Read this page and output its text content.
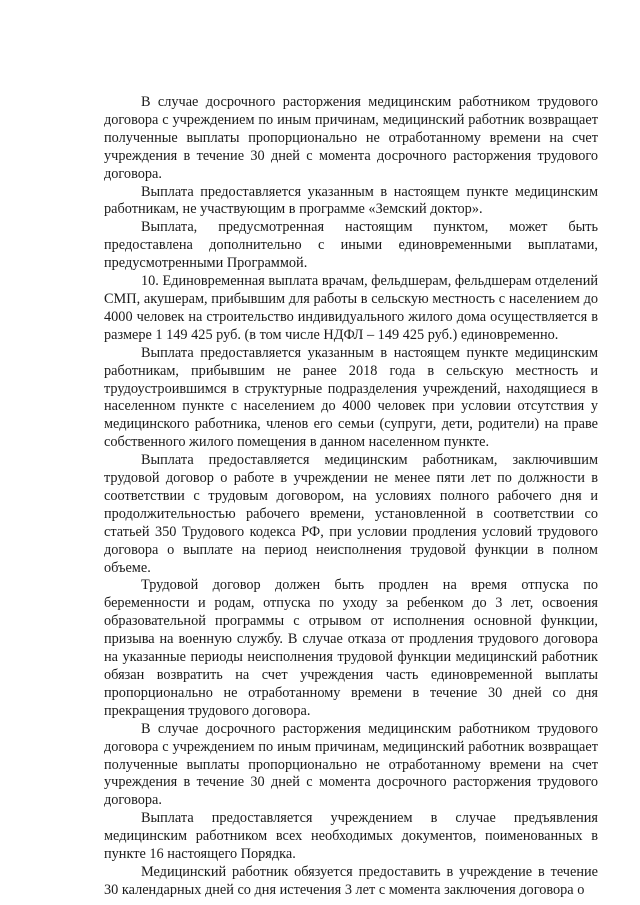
В случае досрочного расторжения медицинским работником трудового договора с учреждением по иным причинам, медицинский работник возвращает полученные выплаты пропорционально не отработанному времени на счет учреждения в течение 30 дней с момента досрочного расторжения трудового договора.

Выплата предоставляется указанным в настоящем пункте медицинским работникам, не участвующим в программе «Земский доктор».

Выплата, предусмотренная настоящим пунктом, может быть предоставлена дополнительно с иными единовременными выплатами, предусмотренными Программой.

10. Единовременная выплата врачам, фельдшерам, фельдшерам отделений СМП, акушерам, прибывшим для работы в сельскую местность с населением до 4000 человек на строительство индивидуального жилого дома осуществляется в размере 1 149 425 руб. (в том числе НДФЛ – 149 425 руб.) единовременно.

Выплата предоставляется указанным в настоящем пункте медицинским работникам, прибывшим не ранее 2018 года в сельскую местность и трудоустроившимся в структурные подразделения учреждений, находящиеся в населенном пункте с населением до 4000 человек при условии отсутствия у медицинского работника, членов его семьи (супруги, дети, родители) на праве собственного жилого помещения в данном населенном пункте.

Выплата предоставляется медицинским работникам, заключившим трудовой договор о работе в учреждении не менее пяти лет по должности в соответствии с трудовым договором, на условиях полного рабочего дня и продолжительностью рабочего времени, установленной в соответствии со статьей 350 Трудового кодекса РФ, при условии продления условий трудового договора о выплате на период неисполнения трудовой функции в полном объеме.

Трудовой договор должен быть продлен на время отпуска по беременности и родам, отпуска по уходу за ребенком до 3 лет, освоения образовательной программы с отрывом от исполнения основной функции, призыва на военную службу. В случае отказа от продления трудового договора на указанные периоды неисполнения трудовой функции медицинский работник обязан возвратить на счет учреждения часть единовременной выплаты пропорционально не отработанному времени в течение 30 дней со дня прекращения трудового договора.

В случае досрочного расторжения медицинским работником трудового договора с учреждением по иным причинам, медицинский работник возвращает полученные выплаты пропорционально не отработанному времени на счет учреждения в течение 30 дней с момента досрочного расторжения трудового договора.

Выплата предоставляется учреждением в случае предъявления медицинским работником всех необходимых документов, поименованных в пункте 16 настоящего Порядка.

Медицинский работник обязуется предоставить в учреждение в течение 30 календарных дней со дня истечения 3 лет с момента заключения договора о
